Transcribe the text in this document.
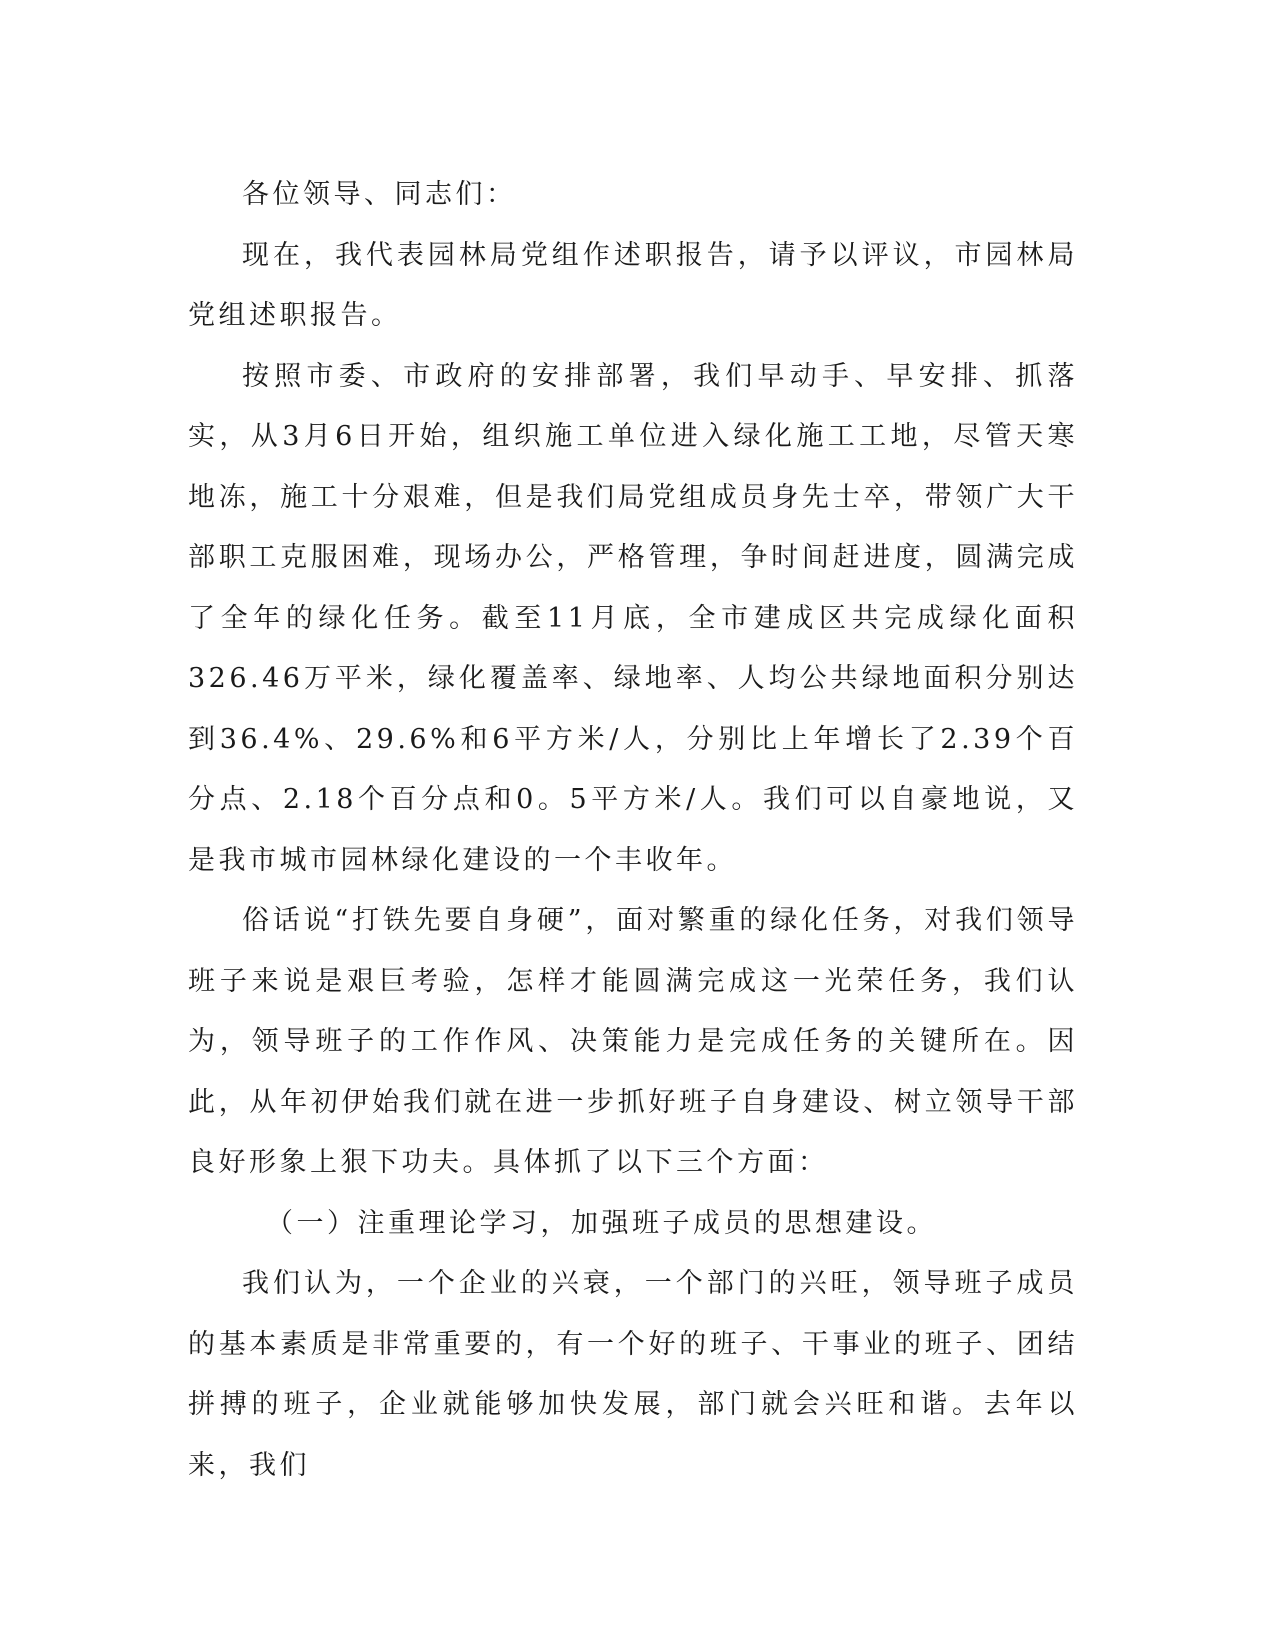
各位领导、同志们：

现在，我代表园林局党组作述职报告，请予以评议，市园林局党组述职报告。

按照市委、市政府的安排部署，我们早动手、早安排、抓落实，从3月6日开始，组织施工单位进入绿化施工工地，尽管天寒地冻，施工十分艰难，但是我们局党组成员身先士卒，带领广大干部职工克服困难，现场办公，严格管理，争时间赶进度，圆满完成了全年的绿化任务。截至11月底，全市建成区共完成绿化面积326.46万平米，绿化覆盖率、绿地率、人均公共绿地面积分别达到36.4%、29.6%和6平方米/人，分别比上年增长了2.39个百分点、2.18个百分点和0。5平方米/人。我们可以自豪地说，又是我市城市园林绿化建设的一个丰收年。

俗话说“打铁先要自身硬”，面对繁重的绿化任务，对我们领导班子来说是艰巨考验，怎样才能圆满完成这一光荣任务，我们认为，领导班子的工作作风、决策能力是完成任务的关键所在。因此，从年初伊始我们就在进一步抓好班子自身建设、树立领导干部良好形象上狠下功夫。具体抓了以下三个方面：

（一）注重理论学习，加强班子成员的思想建设。

我们认为，一个企业的兴衰，一个部门的兴旺，领导班子成员的基本素质是非常重要的，有一个好的班子、干事业的班子、团结拼搏的班子，企业就能够加快发展，部门就会兴旺和谐。去年以来，我们
